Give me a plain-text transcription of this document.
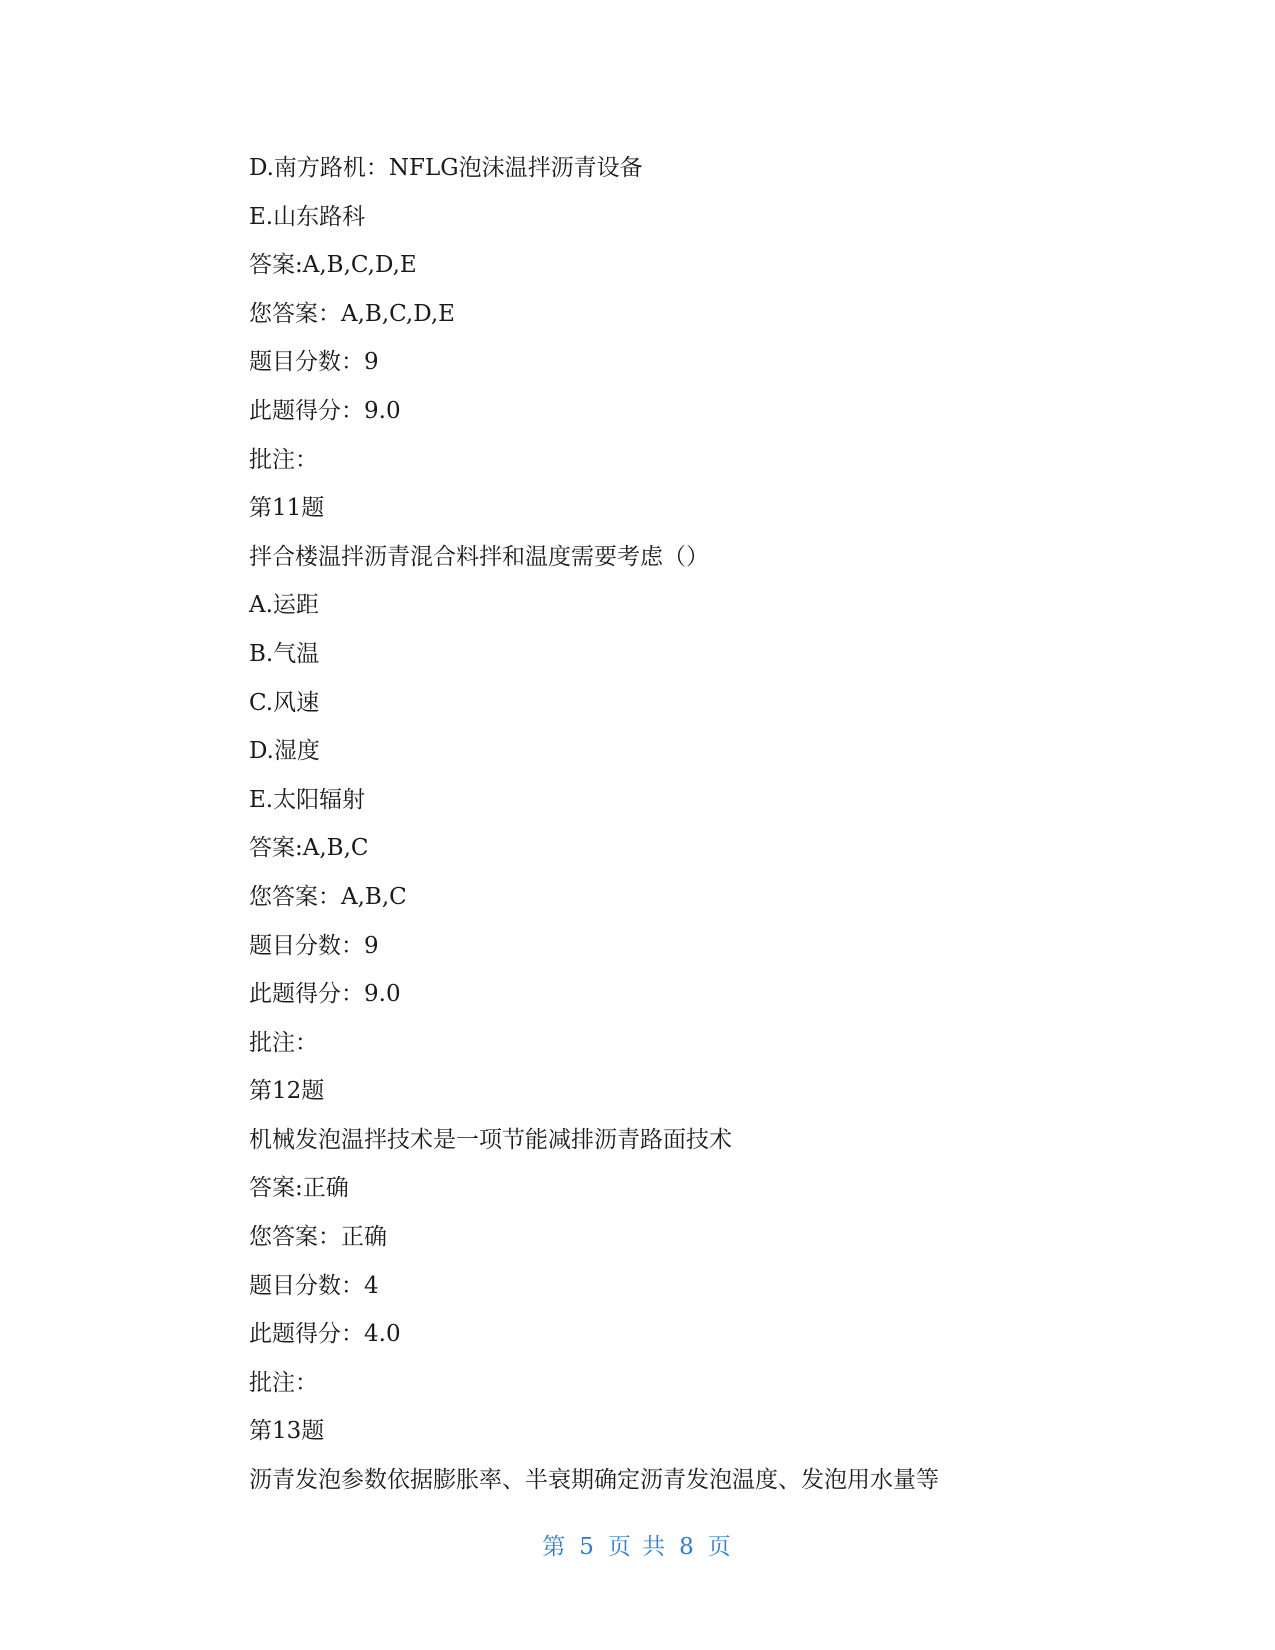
D.南方路机：NFLG泡沫温拌沥青设备
E.山东路科
答案:A,B,C,D,E
您答案：A,B,C,D,E
题目分数：9
此题得分：9.0
批注：
第11题
拌合楼温拌沥青混合料拌和温度需要考虑（）
A.运距
B.气温
C.风速
D.湿度
E.太阳辐射
答案:A,B,C
您答案：A,B,C
题目分数：9
此题得分：9.0
批注：
第12题
机械发泡温拌技术是一项节能减排沥青路面技术
答案:正确
您答案：正确
题目分数：4
此题得分：4.0
批注：
第13题
沥青发泡参数依据膨胀率、半衰期确定沥青发泡温度、发泡用水量等
第 5 页 共 8 页
